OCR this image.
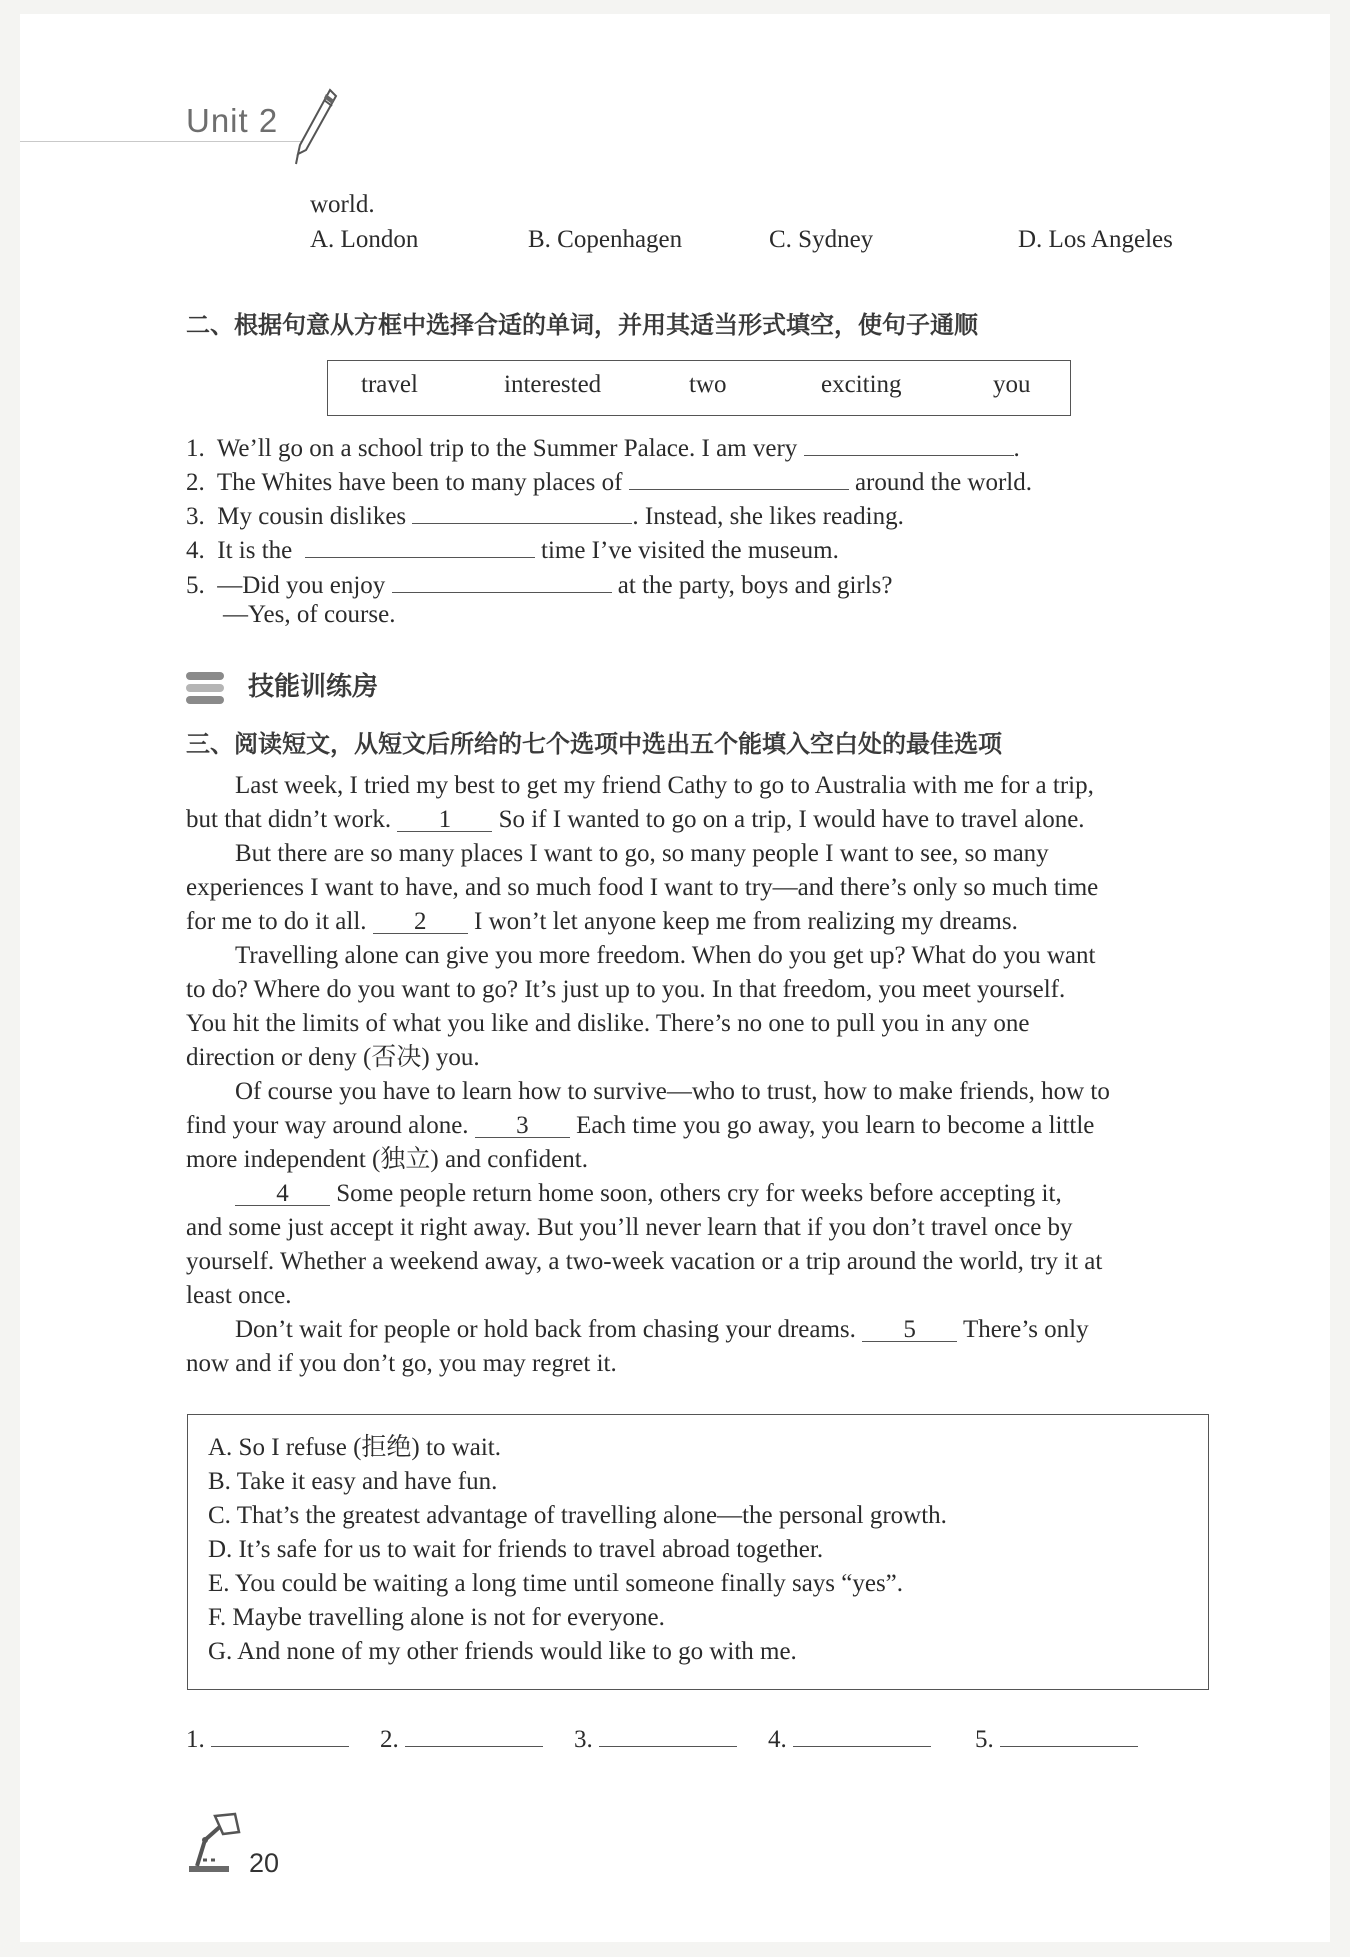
Unit 2
world.
A. London	B. Copenhagen	C. Sydney	D. Los Angeles
二、根据句意从方框中选择合适的单词，并用其适当形式填空，使句子通顺
travel	interested	two	exciting	you
1. We’ll go on a school trip to the Summer Palace. I am very	.
2. The Whites have been to many places of	around the world.
3. My cousin dislikes	. Instead, she likes reading.
4. It is the	time I’ve visited the museum.
5. —Did you enjoy	at the party, boys and girls?
—Yes, of course.
技能训练房
三、阅读短文，从短文后所给的七个选项中选出五个能填入空白处的最佳选项
Last week, I tried my best to get my friend Cathy to go to Australia with me for a trip,
but that didn’t work. 1 So if I wanted to go on a trip, I would have to travel alone.
But there are so many places I want to go, so many people I want to see, so many
experiences I want to have, and so much food I want to try—and there’s only so much time
for me to do it all. 2 I won’t let anyone keep me from realizing my dreams.
Travelling alone can give you more freedom. When do you get up? What do you want
to do? Where do you want to go? It’s just up to you. In that freedom, you meet yourself.
You hit the limits of what you like and dislike. There’s no one to pull you in any one
direction or deny (否决) you.
Of course you have to learn how to survive—who to trust, how to make friends, how to
find your way around alone. 3 Each time you go away, you learn to become a little
more independent (独立) and confident.
4 Some people return home soon, others cry for weeks before accepting it,
and some just accept it right away. But you’ll never learn that if you don’t travel once by
yourself. Whether a weekend away, a two-week vacation or a trip around the world, try it at
least once.
Don’t wait for people or hold back from chasing your dreams. 5 There’s only
now and if you don’t go, you may regret it.
A. So I refuse (拒绝) to wait.
B. Take it easy and have fun.
C. That’s the greatest advantage of travelling alone—the personal growth.
D. It’s safe for us to wait for friends to travel abroad together.
E. You could be waiting a long time until someone finally says “yes”.
F. Maybe travelling alone is not for everyone.
G. And none of my other friends would like to go with me.
1.	2.	3.	4.	5.
20
